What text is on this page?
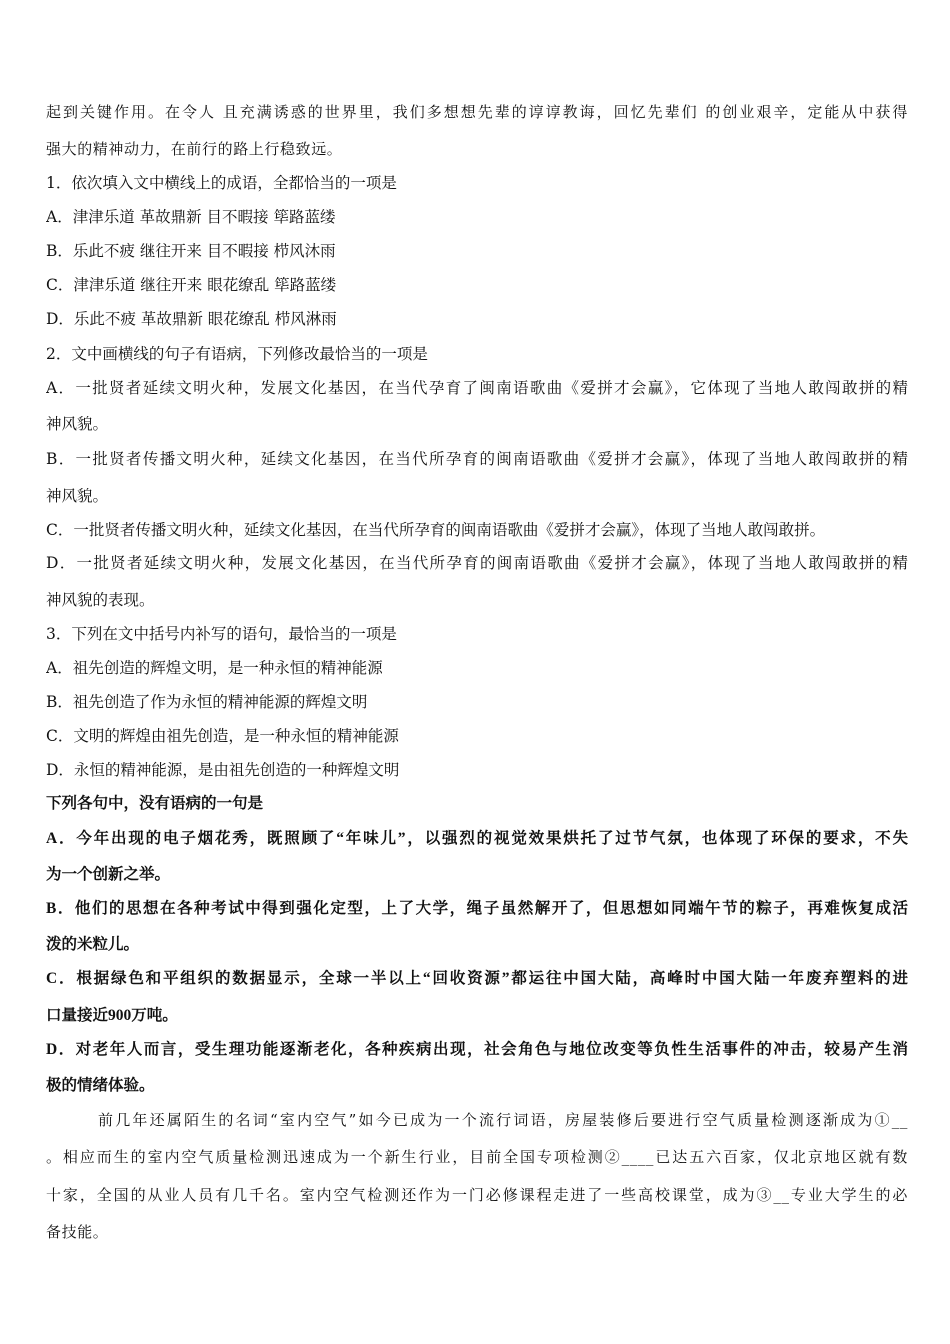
起到关键作用。在令人 且充满诱惑的世界里，我们多想想先辈的谆谆教诲，回忆先辈们 的创业艰辛，定能从中获得
强大的精神动力，在前行的路上行稳致远。
1．依次填入文中横线上的成语，全都恰当的一项是
A．津津乐道 革故鼎新 目不暇接 筚路蓝缕
B．乐此不疲 继往开来 目不暇接 栉风沐雨
C．津津乐道 继往开来 眼花缭乱 筚路蓝缕
D．乐此不疲 革故鼎新 眼花缭乱 栉风淋雨
2．文中画横线的句子有语病，下列修改最恰当的一项是
A．一批贤者延续文明火种，发展文化基因，在当代孕育了闽南语歌曲《爱拼才会赢》，它体现了当地人敢闯敢拼的精
神风貌。
B．一批贤者传播文明火种，延续文化基因，在当代所孕育的闽南语歌曲《爱拼才会赢》，体现了当地人敢闯敢拼的精
神风貌。
C．一批贤者传播文明火种，延续文化基因，在当代所孕育的闽南语歌曲《爱拼才会赢》，体现了当地人敢闯敢拼。
D．一批贤者延续文明火种，发展文化基因，在当代所孕育的闽南语歌曲《爱拼才会赢》，体现了当地人敢闯敢拼的精
神风貌的表现。
3．下列在文中括号内补写的语句，最恰当的一项是
A．祖先创造的辉煌文明，是一种永恒的精神能源
B．祖先创造了作为永恒的精神能源的辉煌文明
C．文明的辉煌由祖先创造，是一种永恒的精神能源
D．永恒的精神能源，是由祖先创造的一种辉煌文明
下列各句中，没有语病的一句是
A．今年出现的电子烟花秀，既照顾了“年味儿”，以强烈的视觉效果烘托了过节气氛，也体现了环保的要求，不失
为一个创新之举。
B．他们的思想在各种考试中得到强化定型，上了大学，绳子虽然解开了，但思想如同端午节的粽子，再难恢复成活
泼的米粒儿。
C．根据绿色和平组织的数据显示，全球一半以上“回收资源”都运往中国大陆，高峰时中国大陆一年废弃塑料的进
口量接近900万吨。
D．对老年人而言，受生理功能逐渐老化，各种疾病出现，社会角色与地位改变等负性生活事件的冲击，较易产生消
极的情绪体验。
前几年还属陌生的名词“室内空气”如今已成为一个流行词语，房屋装修后要进行空气质量检测逐渐成为①__
。相应而生的室内空气质量检测迅速成为一个新生行业，目前全国专项检测②____已达五六百家，仅北京地区就有数
十家，全国的从业人员有几千名。室内空气检测还作为一门必修课程走进了一些高校课堂，成为③__专业大学生的必
备技能。
